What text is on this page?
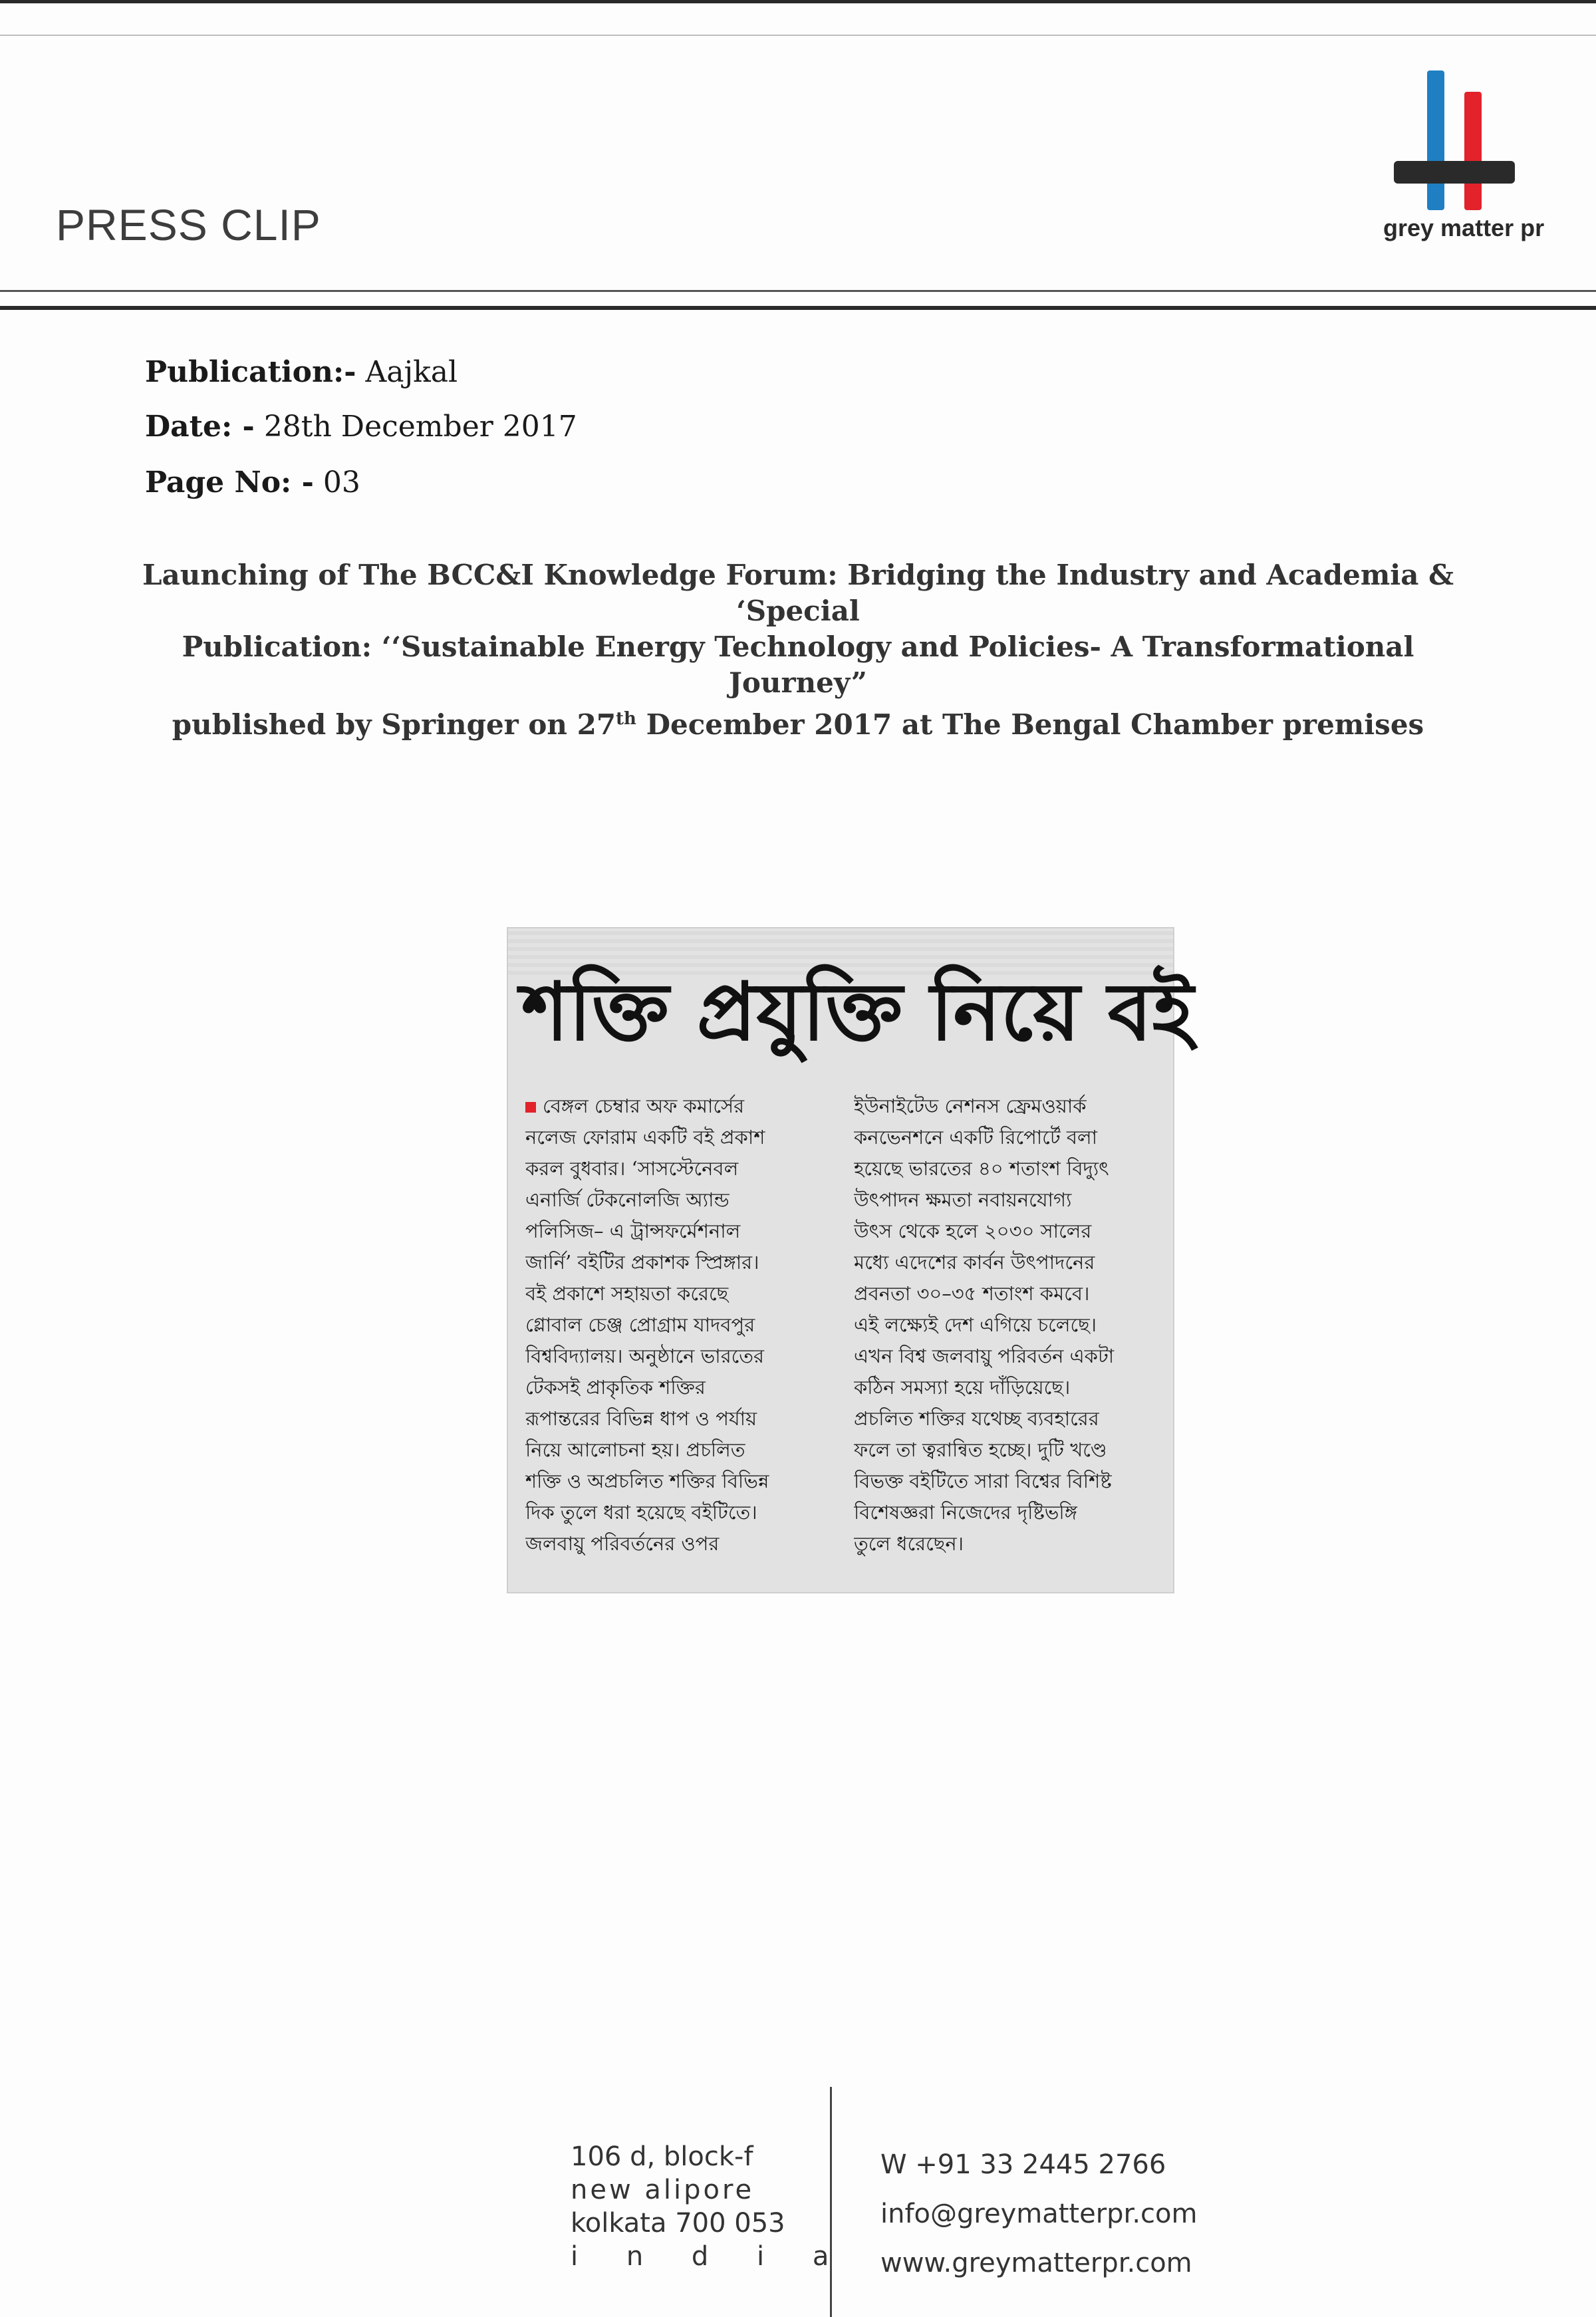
PRESS CLIP	grey matter pr
Publication:- Aajkal
Date: - 28th December 2017
Page No: - 03
Launching of The BCC&I Knowledge Forum: Bridging the Industry and Academia & ‘Special
Publication: ‘‘Sustainable Energy Technology and Policies- A Transformational Journey”
published by Springer on 27th December 2017 at The Bengal Chamber premises
শক্তি প্রযুক্তি নিয়ে বই
বেঙ্গল চেম্বার অফ কমার্সের
নলেজ ফোরাম একটি বই প্রকাশ
করল বুধবার। ‘সাসস্টেনেবল
এনার্জি টেকনোলজি অ্যান্ড
পলিসিজ– এ ট্রান্সফর্মেশনাল
জার্নি’ বইটির প্রকাশক স্প্রিঙ্গার।
বই প্রকাশে সহায়তা করেছে
গ্লোবাল চেঞ্জ প্রোগ্রাম যাদবপুর
বিশ্ববিদ্যালয়। অনুষ্ঠানে ভারতের
টেকসই প্রাকৃতিক শক্তির
রূপান্তরের বিভিন্ন ধাপ ও পর্যায়
নিয়ে আলোচনা হয়। প্রচলিত
শক্তি ও অপ্রচলিত শক্তির বিভিন্ন
দিক তুলে ধরা হয়েছে বইটিতে।
জলবায়ু পরিবর্তনের ওপর
ইউনাইটেড নেশনস ফ্রেমওয়ার্ক
কনভেনশনে একটি রিপোর্টে বলা
হয়েছে ভারতের ৪০ শতাংশ বিদ্যুৎ
উৎপাদন ক্ষমতা নবায়নযোগ্য
উৎস থেকে হলে ২০৩০ সালের
মধ্যে এদেশের কার্বন উৎপাদনের
প্রবনতা ৩০–৩৫ শতাংশ কমবে।
এই লক্ষ্যেই দেশ এগিয়ে চলেছে।
এখন বিশ্ব জলবায়ু পরিবর্তন একটা
কঠিন সমস্যা হয়ে দাঁড়িয়েছে।
প্রচলিত শক্তির যথেচ্ছ ব্যবহারের
ফলে তা ত্বরান্বিত হচ্ছে। দুটি খণ্ডে
বিভক্ত বইটিতে সারা বিশ্বের বিশিষ্ট
বিশেষজ্ঞরা নিজেদের দৃষ্টিভঙ্গি
তুলে ধরেছেন।
106 d, block-f
new alipore
kolkata 700 053
i n d i a
W +91 33 2445 2766
info@greymatterpr.com
www.greymatterpr.com
